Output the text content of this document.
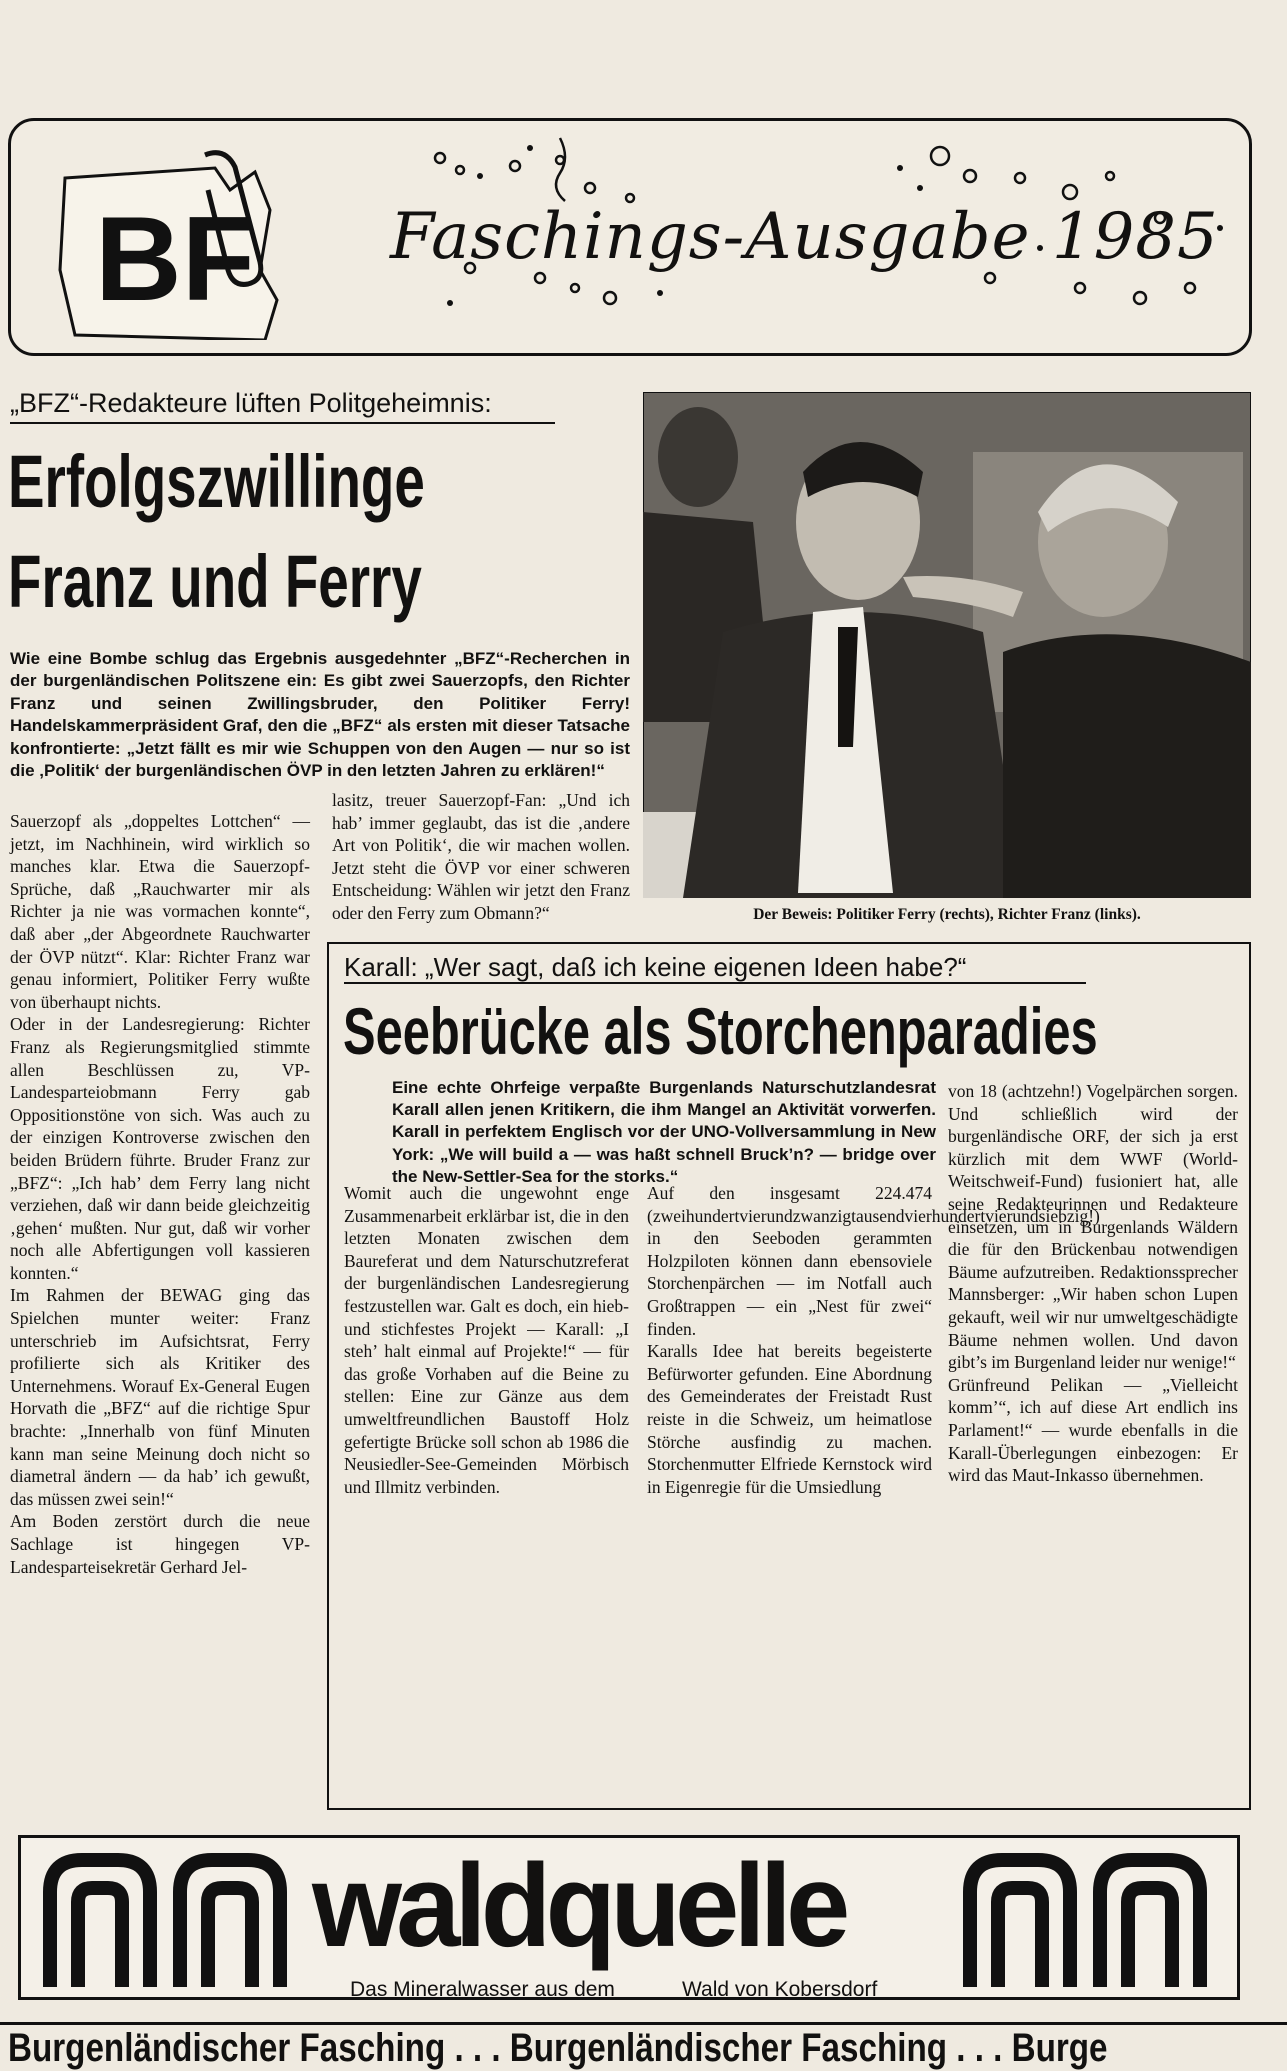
BF Faschings-Ausgabe 1985
„BFZ“-Redakteure lüften Politgeheimnis:
Erfolgszwillinge
Franz und Ferry
Wie eine Bombe schlug das Ergebnis ausgedehnter „BFZ“-Recherchen in der burgenländischen Politszene ein: Es gibt zwei Sauerzopfs, den Richter Franz und seinen Zwillingsbruder, den Politiker Ferry! Handelskammerpräsident Graf, den die „BFZ“ als ersten mit dieser Tatsache konfrontierte: „Jetzt fällt es mir wie Schuppen von den Augen — nur so ist die ‚Politik‘ der burgenländischen ÖVP in den letzten Jahren zu erklären!“
Sauerzopf als „doppeltes Lottchen“ — jetzt, im Nachhinein, wird wirklich so manches klar. Etwa die Sauerzopf-Sprüche, daß „Rauchwarter mir als Richter ja nie was vormachen konnte“, daß aber „der Abgeordnete Rauchwarter der ÖVP nützt“. Klar: Richter Franz war genau informiert, Politiker Ferry wußte von überhaupt nichts.
Oder in der Landesregierung: Richter Franz als Regierungsmitglied stimmte allen Beschlüssen zu, VP-Landesparteiobmann Ferry gab Oppositionstöne von sich. Was auch zu der einzigen Kontroverse zwischen den beiden Brüdern führte. Bruder Franz zur „BFZ“: „Ich hab’ dem Ferry lang nicht verziehen, daß wir dann beide gleichzeitig ‚gehen‘ mußten. Nur gut, daß wir vorher noch alle Abfertigungen voll kassieren konnten.“
Im Rahmen der BEWAG ging das Spielchen munter weiter: Franz unterschrieb im Aufsichtsrat, Ferry profilierte sich als Kritiker des Unternehmens. Worauf Ex-General Eugen Horvath die „BFZ“ auf die richtige Spur brachte: „Innerhalb von fünf Minuten kann man seine Meinung doch nicht so diametral ändern — da hab’ ich gewußt, das müssen zwei sein!“
Am Boden zerstört durch die neue Sachlage ist hingegen VP-Landesparteisekretär Gerhard Jel-
lasitz, treuer Sauerzopf-Fan: „Und ich hab’ immer geglaubt, das ist die ‚andere Art von Politik‘, die wir machen wollen. Jetzt steht die ÖVP vor einer schweren Entscheidung: Wählen wir jetzt den Franz oder den Ferry zum Obmann?“	Der Beweis: Politiker Ferry (rechts), Richter Franz (links).
Karall: „Wer sagt, daß ich keine eigenen Ideen habe?“
Seebrücke als Storchenparadies
Eine echte Ohrfeige verpaßte Burgenlands Naturschutzlandesrat Karall allen jenen Kritikern, die ihm Mangel an Aktivität vorwerfen. Karall in perfektem Englisch vor der UNO-Vollversammlung in New York: „We will build a — was haßt schnell Bruck’n? — bridge over the New-Settler-Sea for the storks.“
Womit auch die ungewohnt enge Zusammenarbeit erklärbar ist, die in den letzten Monaten zwischen dem Baureferat und dem Naturschutzreferat der burgenländischen Landesregierung festzustellen war. Galt es doch, ein hieb- und stichfestes Projekt — Karall: „I steh’ halt einmal auf Projekte!“ — für das große Vorhaben auf die Beine zu stellen: Eine zur Gänze aus dem umweltfreundlichen Baustoff Holz gefertigte Brücke soll schon ab 1986 die Neusiedler-See-Gemeinden Mörbisch und Illmitz verbinden.
Auf den insgesamt 224.474 (zweihundertvierundzwanzigtausendvierhundertvierundsiebzig!) in den Seeboden gerammten Holzpiloten können dann ebensoviele Storchenpärchen — im Notfall auch Großtrappen — ein „Nest für zwei“ finden.
Karalls Idee hat bereits begeisterte Befürworter gefunden. Eine Abordnung des Gemeinderates der Freistadt Rust reiste in die Schweiz, um heimatlose Störche ausfindig zu machen. Storchenmutter Elfriede Kernstock wird in Eigenregie für die Umsiedlung
von 18 (achtzehn!) Vogelpärchen sorgen. Und schließlich wird der burgenländische ORF, der sich ja erst kürzlich mit dem WWF (World-Weitschweif-Fund) fusioniert hat, alle seine Redakteurinnen und Redakteure einsetzen, um in Burgenlands Wäldern die für den Brückenbau notwendigen Bäume aufzutreiben. Redaktionssprecher Mannsberger: „Wir haben schon Lupen gekauft, weil wir nur umweltgeschädigte Bäume nehmen wollen. Und davon gibt’s im Burgenland leider nur wenige!“
Grünfreund Pelikan — „Vielleicht komm’“, ich auf diese Art endlich ins Parlament!“ — wurde ebenfalls in die Karall-Überlegungen einbezogen: Er wird das Maut-Inkasso übernehmen.
waldquelle
Das Mineralwasser aus dem	Wald von Kobersdorf
Burgenländischer Fasching . . . Burgenländischer Fasching . . . Burge
